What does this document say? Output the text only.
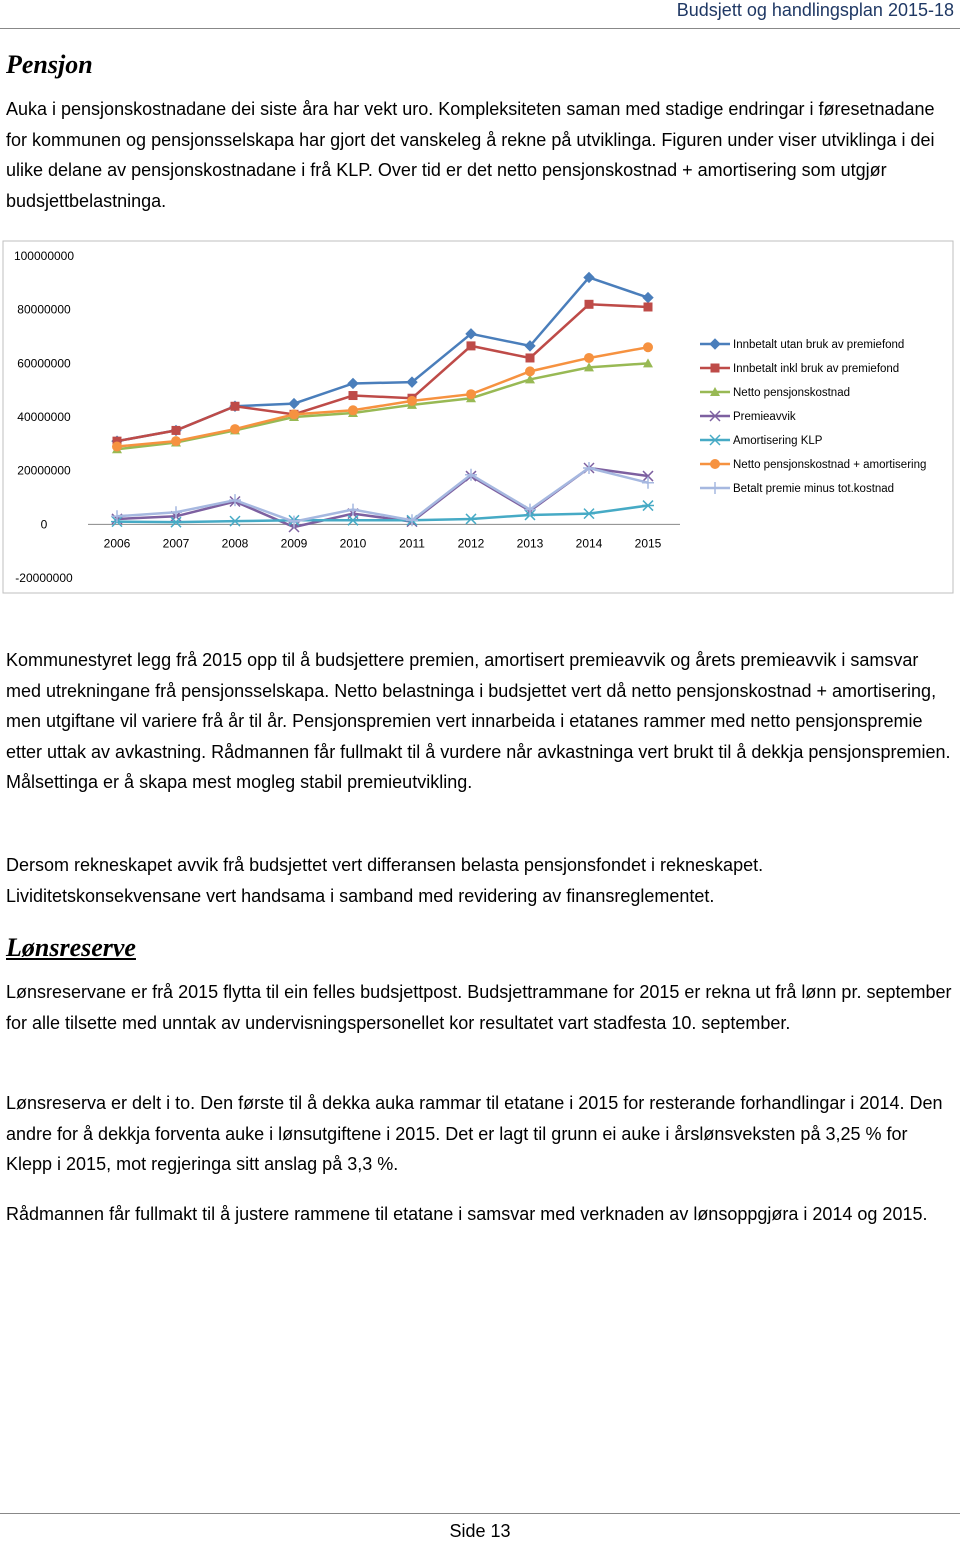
Budsjett og handlingsplan 2015-18
Pensjon
Auka i pensjonskostnadane dei siste åra har vekt uro. Kompleksiteten saman med stadige endringar i føresetnadane for kommunen og pensjonsselskapa har gjort det vanskeleg å rekne på utviklinga. Figuren under viser utviklinga i dei ulike delane av pensjonskostnadane i frå KLP. Over tid er det netto pensjonskostnad + amortisering som utgjør budsjettbelastninga.
100000000
80000000
60000000
40000000
20000000
0
-20000000
2006	2007	2008	2009	2010	2011	2012	2013	2014	2015
Innbetalt utan bruk av premiefond
Innbetalt inkl bruk av premiefond
Netto pensjonskostnad
Premieavvik
Amortisering KLP
Netto pensjonskostnad + amortisering
Betalt premie minus tot.kostnad
Kommunestyret legg frå 2015 opp til å budsjettere premien, amortisert premieavvik og årets premieavvik i samsvar med utrekningane frå pensjonsselskapa. Netto belastninga i budsjettet vert då netto pensjonskostnad + amortisering, men utgiftane vil variere frå år til år. Pensjonspremien vert innarbeida i etatanes rammer med netto pensjonspremie etter uttak av avkastning. Rådmannen får fullmakt til å vurdere når avkastninga vert brukt til å dekkja pensjonspremien. Målsettinga er å skapa mest mogleg stabil premieutvikling.
Dersom rekneskapet avvik frå budsjettet vert differansen belasta pensjonsfondet i rekneskapet. Lividitetskonsekvensane vert handsama i samband med revidering av finansreglementet.
Lønsreserve
Lønsreservane er frå 2015 flytta til ein felles budsjettpost. Budsjettrammane for 2015 er rekna ut frå lønn pr. september for alle tilsette med unntak av undervisningspersonellet kor resultatet vart stadfesta 10. september.
Lønsreserva er delt i to. Den første til å dekka auka rammar til etatane i 2015 for resterande forhandlingar i 2014. Den andre for å dekkja forventa auke i lønsutgiftene i 2015. Det er lagt til grunn ei auke i årslønsveksten på 3,25 % for Klepp i 2015, mot regjeringa sitt anslag på 3,3 %.
Rådmannen får fullmakt til å justere rammene til etatane i samsvar med verknaden av lønsoppgjøra i 2014 og 2015.
Side 13
